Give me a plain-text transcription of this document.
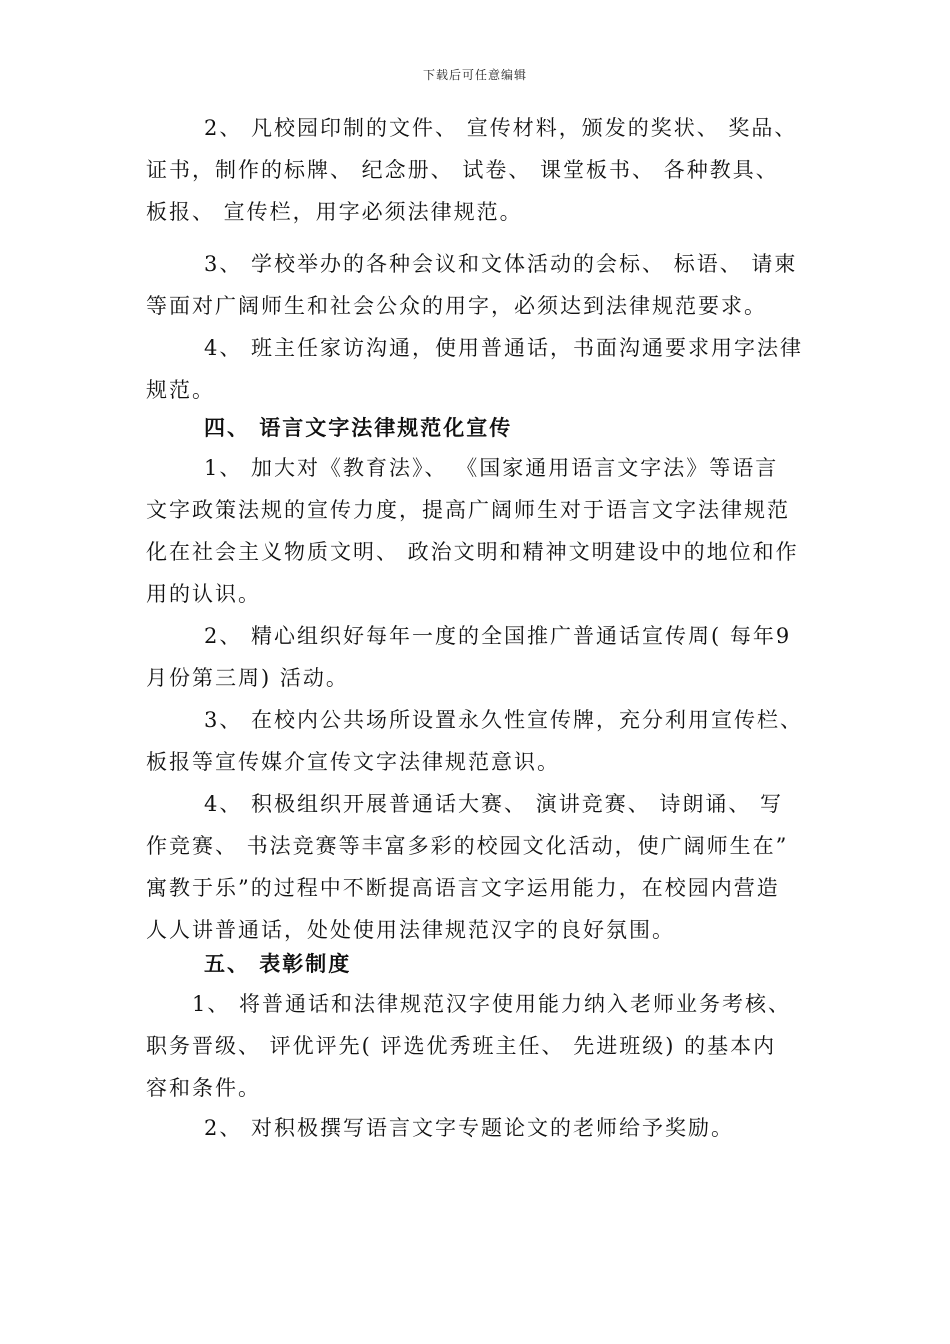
下载后可任意编辑
2、 凡校园印制的文件、 宣传材料，颁发的奖状、 奖品、
证书，制作的标牌、 纪念册、 试卷、 课堂板书、 各种教具、
板报、 宣传栏，用字必须法律规范。
3、 学校举办的各种会议和文体活动的会标、 标语、 请柬
等面对广阔师生和社会公众的用字，必须达到法律规范要求。
4、 班主任家访沟通，使用普通话，书面沟通要求用字法律
规范。
四、 语言文字法律规范化宣传
1、 加大对《教育法》、 《国家通用语言文字法》等语言
文字政策法规的宣传力度，提高广阔师生对于语言文字法律规范
化在社会主义物质文明、 政治文明和精神文明建设中的地位和作
用的认识。
2、 精心组织好每年一度的全国推广普通话宣传周( 每年9
月份第三周) 活动。
3、 在校内公共场所设置永久性宣传牌，充分利用宣传栏、
板报等宣传媒介宣传文字法律规范意识。
4、 积极组织开展普通话大赛、 演讲竞赛、 诗朗诵、 写
作竞赛、 书法竞赛等丰富多彩的校园文化活动，使广阔师生在”
寓教于乐”的过程中不断提高语言文字运用能力，在校园内营造
人人讲普通话，处处使用法律规范汉字的良好氛围。
五、 表彰制度
1、 将普通话和法律规范汉字使用能力纳入老师业务考核、
职务晋级、 评优评先( 评选优秀班主任、 先进班级) 的基本内
容和条件。
2、 对积极撰写语言文字专题论文的老师给予奖励。
